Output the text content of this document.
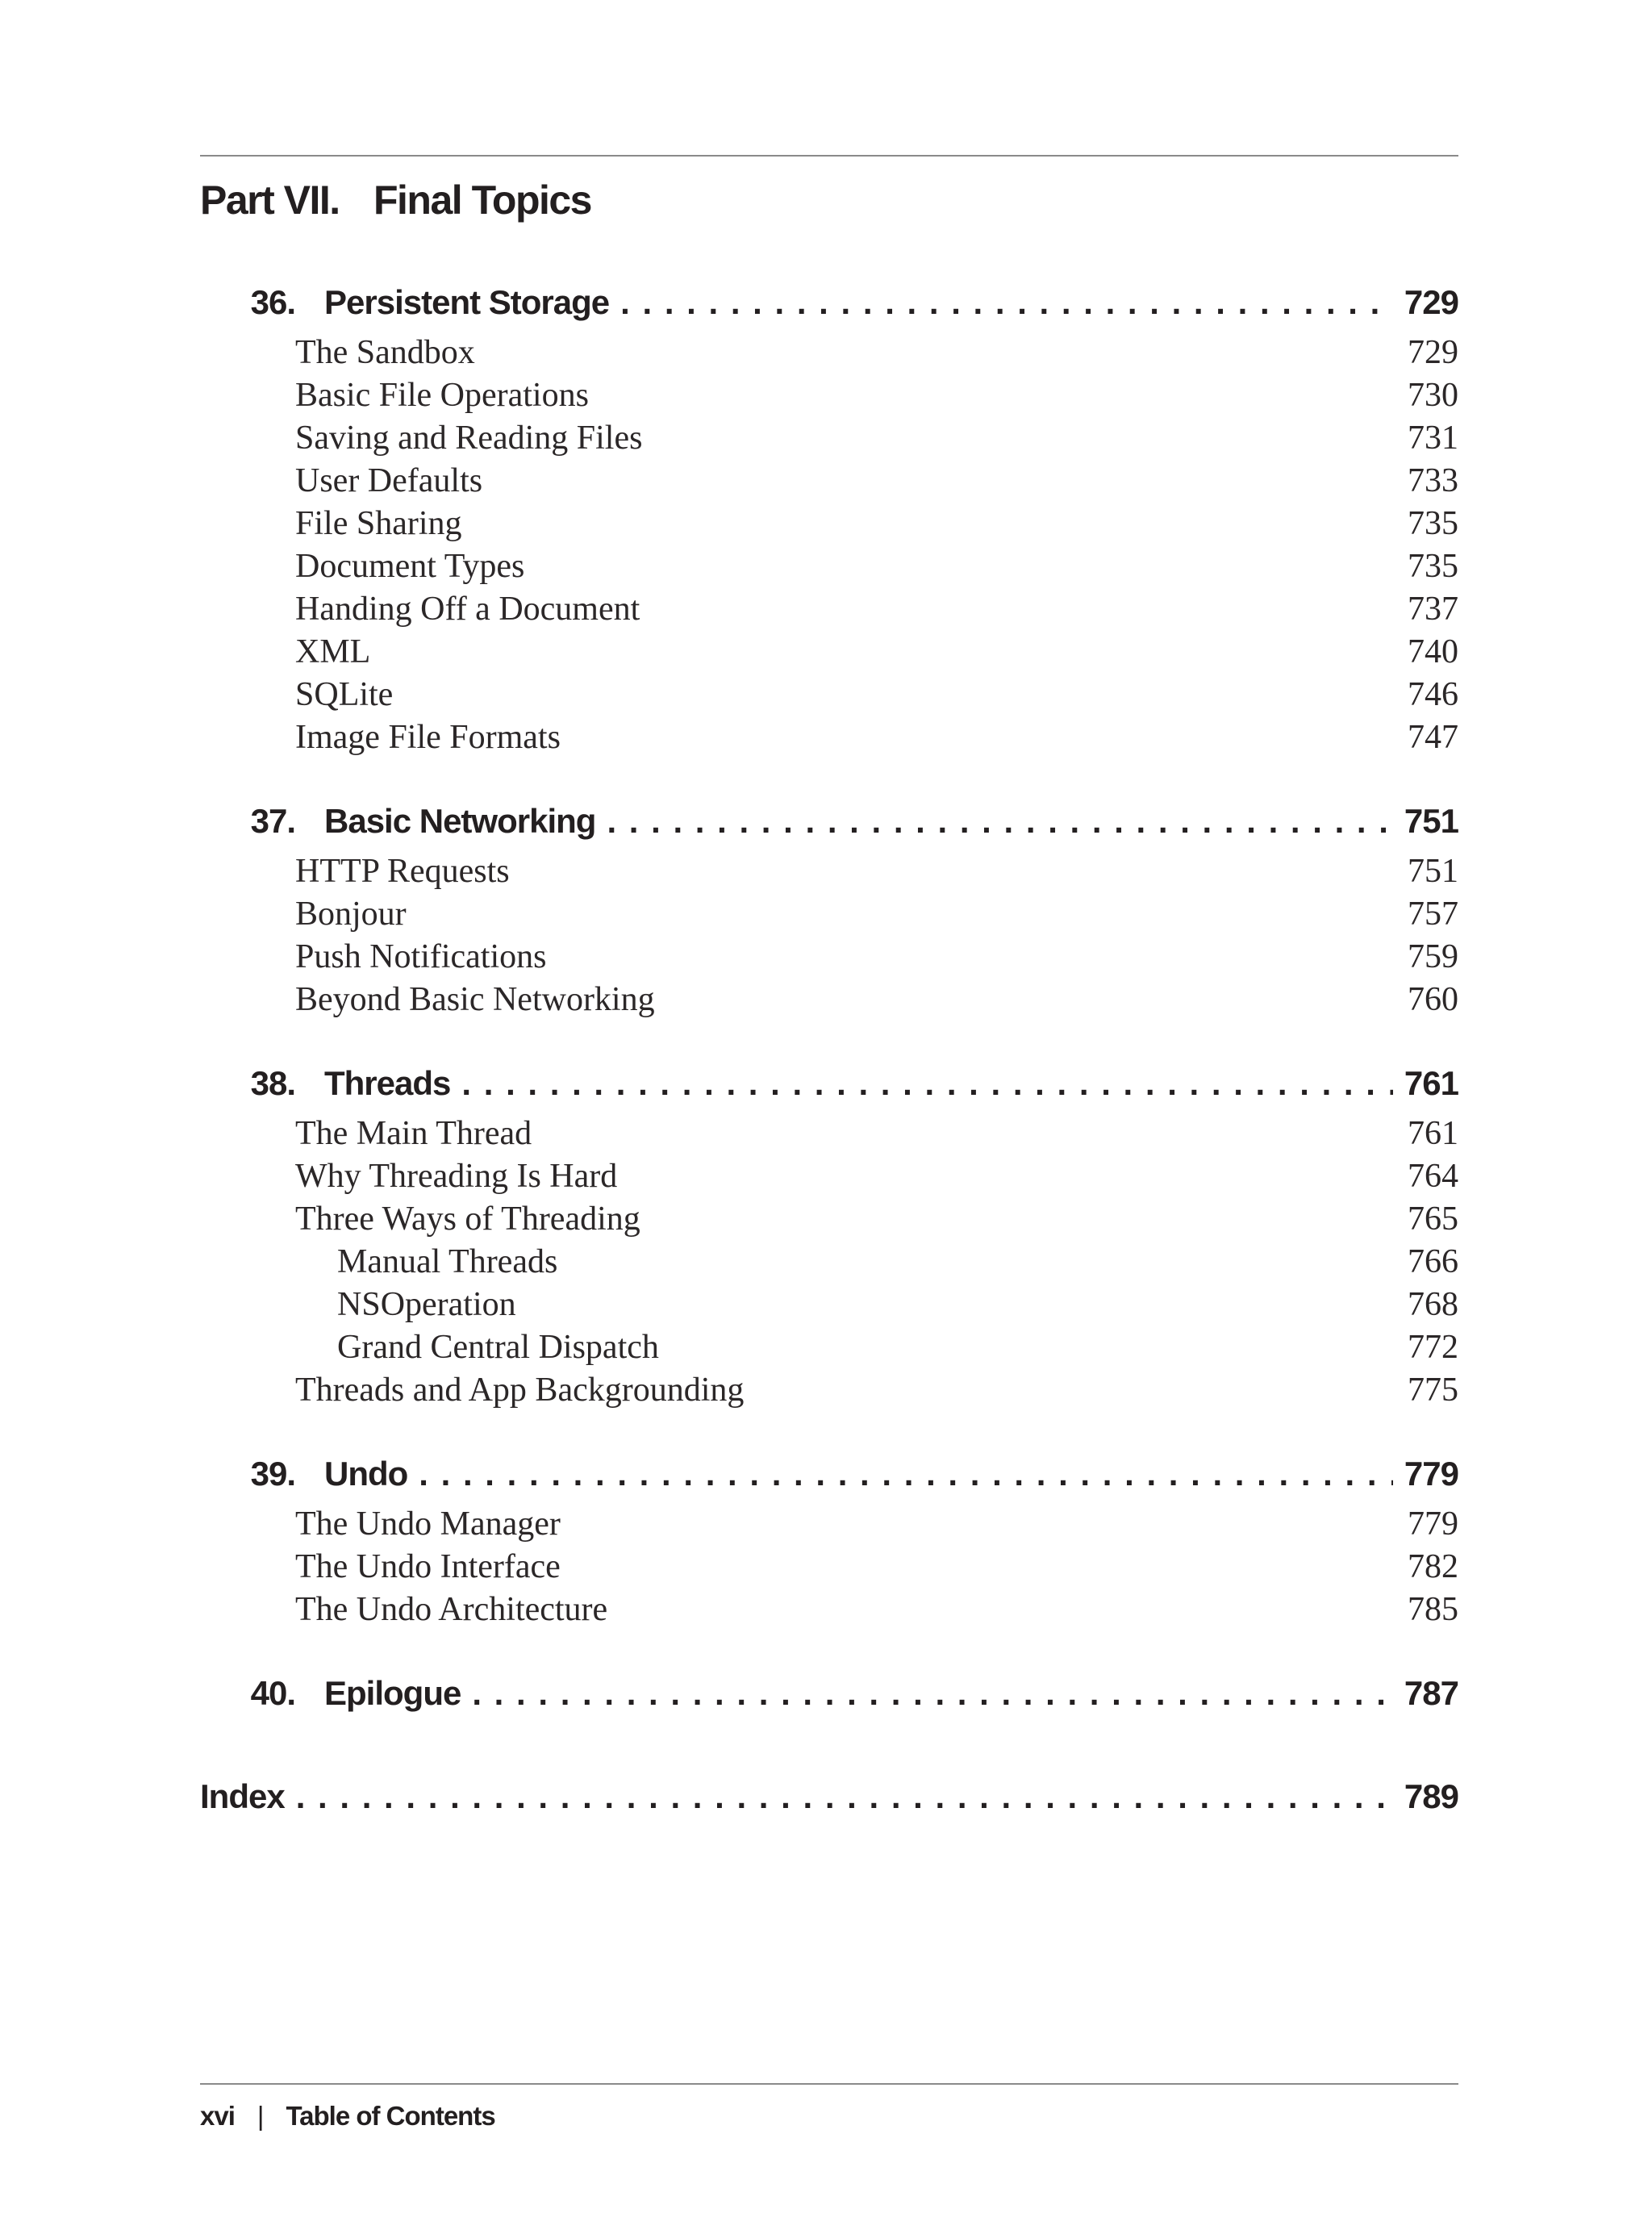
Part VII. Final Topics
36. Persistent Storage . . .	729
The Sandbox	729
Basic File Operations	730
Saving and Reading Files	731
User Defaults	733
File Sharing	735
Document Types	735
Handing Off a Document	737
XML	740
SQLite	746
Image File Formats	747
37. Basic Networking . . .	751
HTTP Requests	751
Bonjour	757
Push Notifications	759
Beyond Basic Networking	760
38. Threads . . .	761
The Main Thread	761
Why Threading Is Hard	764
Three Ways of Threading	765
Manual Threads	766
NSOperation	768
Grand Central Dispatch	772
Threads and App Backgrounding	775
39. Undo . . .	779
The Undo Manager	779
The Undo Interface	782
The Undo Architecture	785
40. Epilogue . . .	787
Index . . .	789
xvi | Table of Contents
